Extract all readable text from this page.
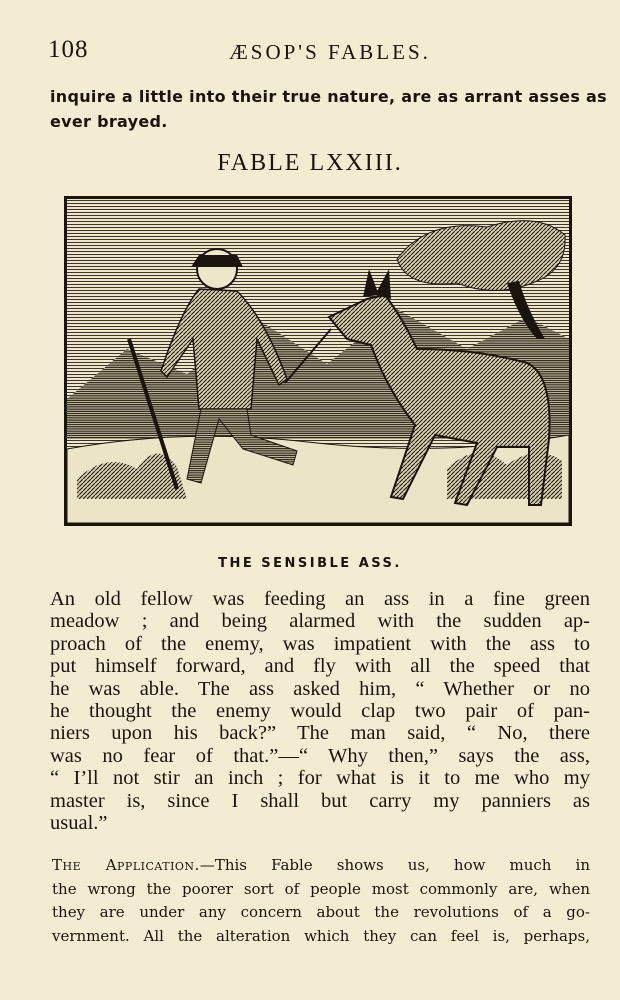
108	ÆSOP'S FABLES.
inquire a little into their true nature, are as arrant asses as
ever brayed.
FABLE LXXIII.
THE SENSIBLE ASS.
An old fellow was feeding an ass in a fine green
meadow ; and being alarmed with the sudden ap-
proach of the enemy, was impatient with the ass to
put himself forward, and fly with all the speed that
he was able. The ass asked him, “ Whether or no
he thought the enemy would clap two pair of pan-
niers upon his back?” The man said, “ No, there
was no fear of that.”—“ Why then,” says the ass,
“ I’ll not stir an inch ; for what is it to me who my
master is, since I shall but carry my panniers as
usual.”
The Application.—This Fable shows us, how much in
the wrong the poorer sort of people most commonly are, when
they are under any concern about the revolutions of a go-
vernment. All the alteration which they can feel is, perhaps,
